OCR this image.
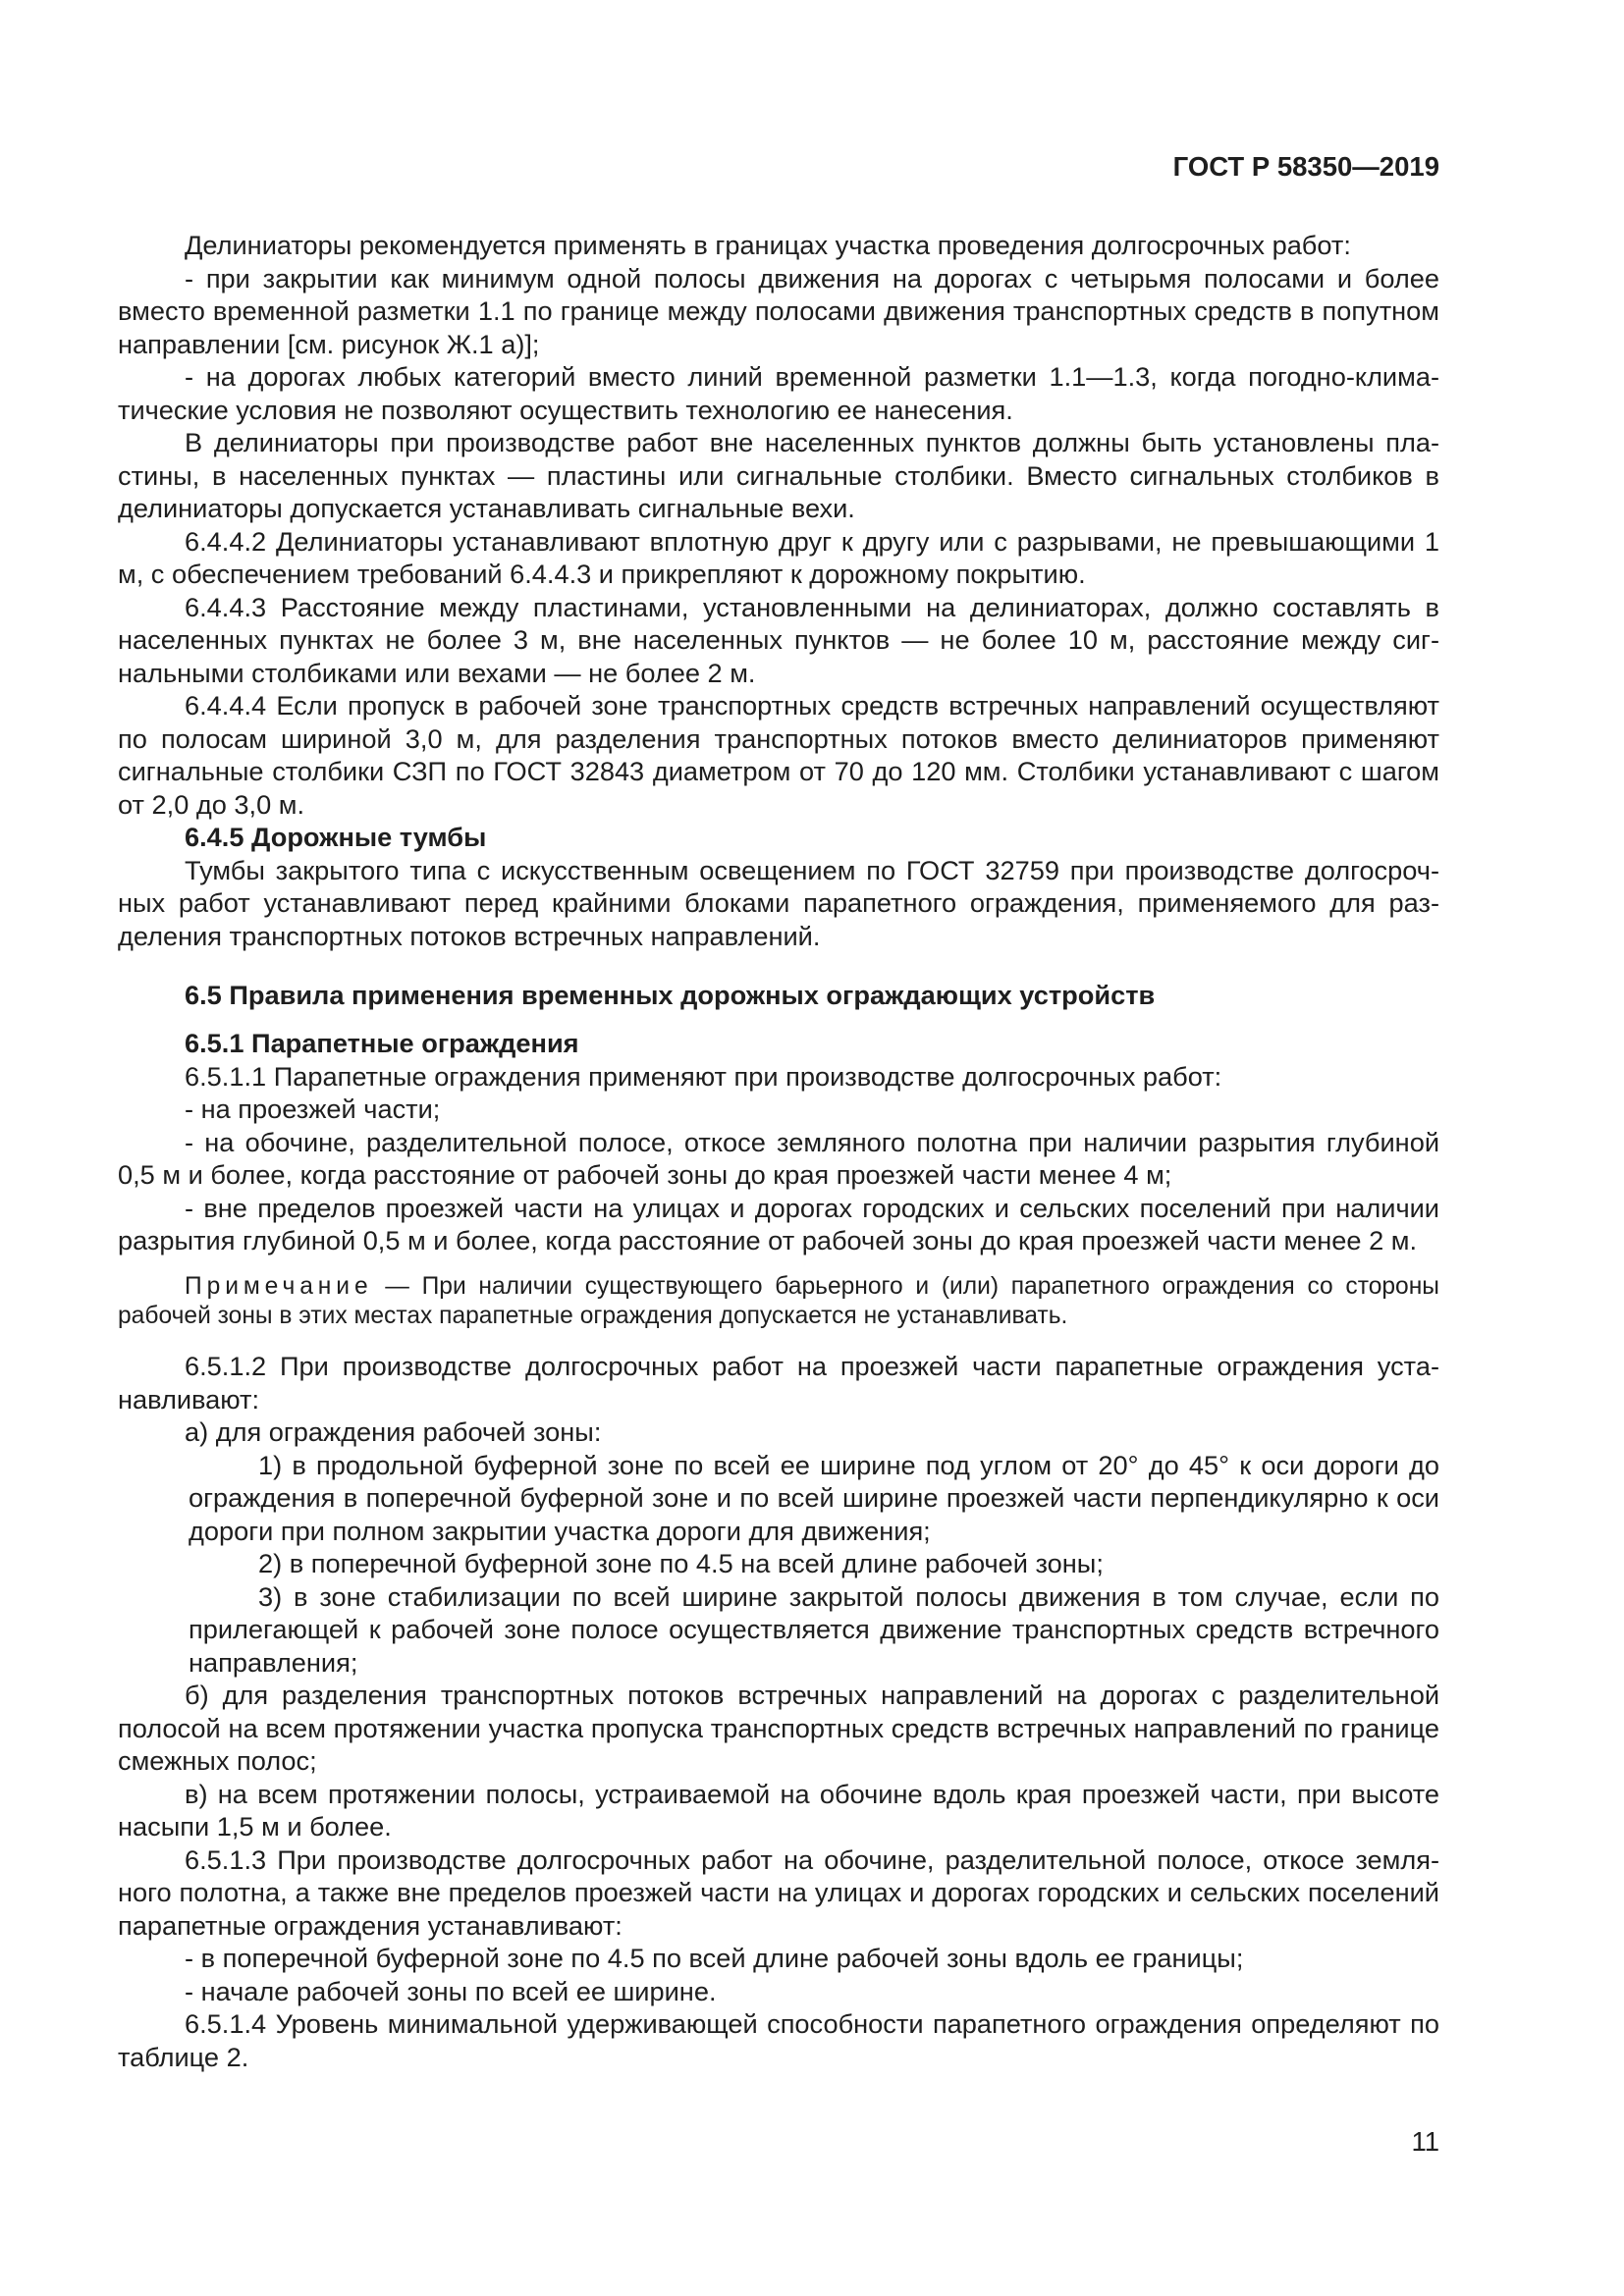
ГОСТ Р 58350—2019

Делиниаторы рекомендуется применять в границах участка проведения долгосрочных работ:

- при закрытии как минимум одной полосы движения на дорогах с четырьмя полосами и более вместо временной разметки 1.1 по границе между полосами движения транспортных средств в попутном направлении [см. рисунок Ж.1 а)];

- на дорогах любых категорий вместо линий временной разметки 1.1—1.3, когда погодно-климатические условия не позволяют осуществить технологию ее нанесения.

В делиниаторы при производстве работ вне населенных пунктов должны быть установлены пластины, в населенных пунктах — пластины или сигнальные столбики. Вместо сигнальных столбиков в делиниаторы допускается устанавливать сигнальные вехи.

6.4.4.2 Делиниаторы устанавливают вплотную друг к другу или с разрывами, не превышающими 1 м, с обеспечением требований 6.4.4.3 и прикрепляют к дорожному покрытию.

6.4.4.3 Расстояние между пластинами, установленными на делиниаторах, должно составлять в населенных пунктах не более 3 м, вне населенных пунктов — не более 10 м, расстояние между сигнальными столбиками или вехами — не более 2 м.

6.4.4.4 Если пропуск в рабочей зоне транспортных средств встречных направлений осуществляют по полосам шириной 3,0 м, для разделения транспортных потоков вместо делиниаторов применяют сигнальные столбики СЗП по ГОСТ 32843 диаметром от 70 до 120 мм. Столбики устанавливают с шагом от 2,0 до 3,0 м.

6.4.5 Дорожные тумбы

Тумбы закрытого типа с искусственным освещением по ГОСТ 32759 при производстве долгосрочных работ устанавливают перед крайними блоками парапетного ограждения, применяемого для разделения транспортных потоков встречных направлений.

6.5 Правила применения временных дорожных ограждающих устройств

6.5.1 Парапетные ограждения

6.5.1.1 Парапетные ограждения применяют при производстве долгосрочных работ:

- на проезжей части;

- на обочине, разделительной полосе, откосе земляного полотна при наличии разрытия глубиной 0,5 м и более, когда расстояние от рабочей зоны до края проезжей части менее 4 м;

- вне пределов проезжей части на улицах и дорогах городских и сельских поселений при наличии разрытия глубиной 0,5 м и более, когда расстояние от рабочей зоны до края проезжей части менее 2 м.

Примечание — При наличии существующего барьерного и (или) парапетного ограждения со стороны рабочей зоны в этих местах парапетные ограждения допускается не устанавливать.

6.5.1.2 При производстве долгосрочных работ на проезжей части парапетные ограждения устанавливают:

а) для ограждения рабочей зоны:

1) в продольной буферной зоне по всей ее ширине под углом от 20° до 45° к оси дороги до ограждения в поперечной буферной зоне и по всей ширине проезжей части перпендикулярно к оси дороги при полном закрытии участка дороги для движения;

2) в поперечной буферной зоне по 4.5 на всей длине рабочей зоны;

3) в зоне стабилизации по всей ширине закрытой полосы движения в том случае, если по прилегающей к рабочей зоне полосе осуществляется движение транспортных средств встречного направления;

б) для разделения транспортных потоков встречных направлений на дорогах с разделительной полосой на всем протяжении участка пропуска транспортных средств встречных направлений по границе смежных полос;

в) на всем протяжении полосы, устраиваемой на обочине вдоль края проезжей части, при высоте насыпи 1,5 м и более.

6.5.1.3 При производстве долгосрочных работ на обочине, разделительной полосе, откосе земляного полотна, а также вне пределов проезжей части на улицах и дорогах городских и сельских поселений парапетные ограждения устанавливают:

- в поперечной буферной зоне по 4.5 по всей длине рабочей зоны вдоль ее границы;

- начале рабочей зоны по всей ее ширине.

6.5.1.4 Уровень минимальной удерживающей способности парапетного ограждения определяют по таблице 2.

11
